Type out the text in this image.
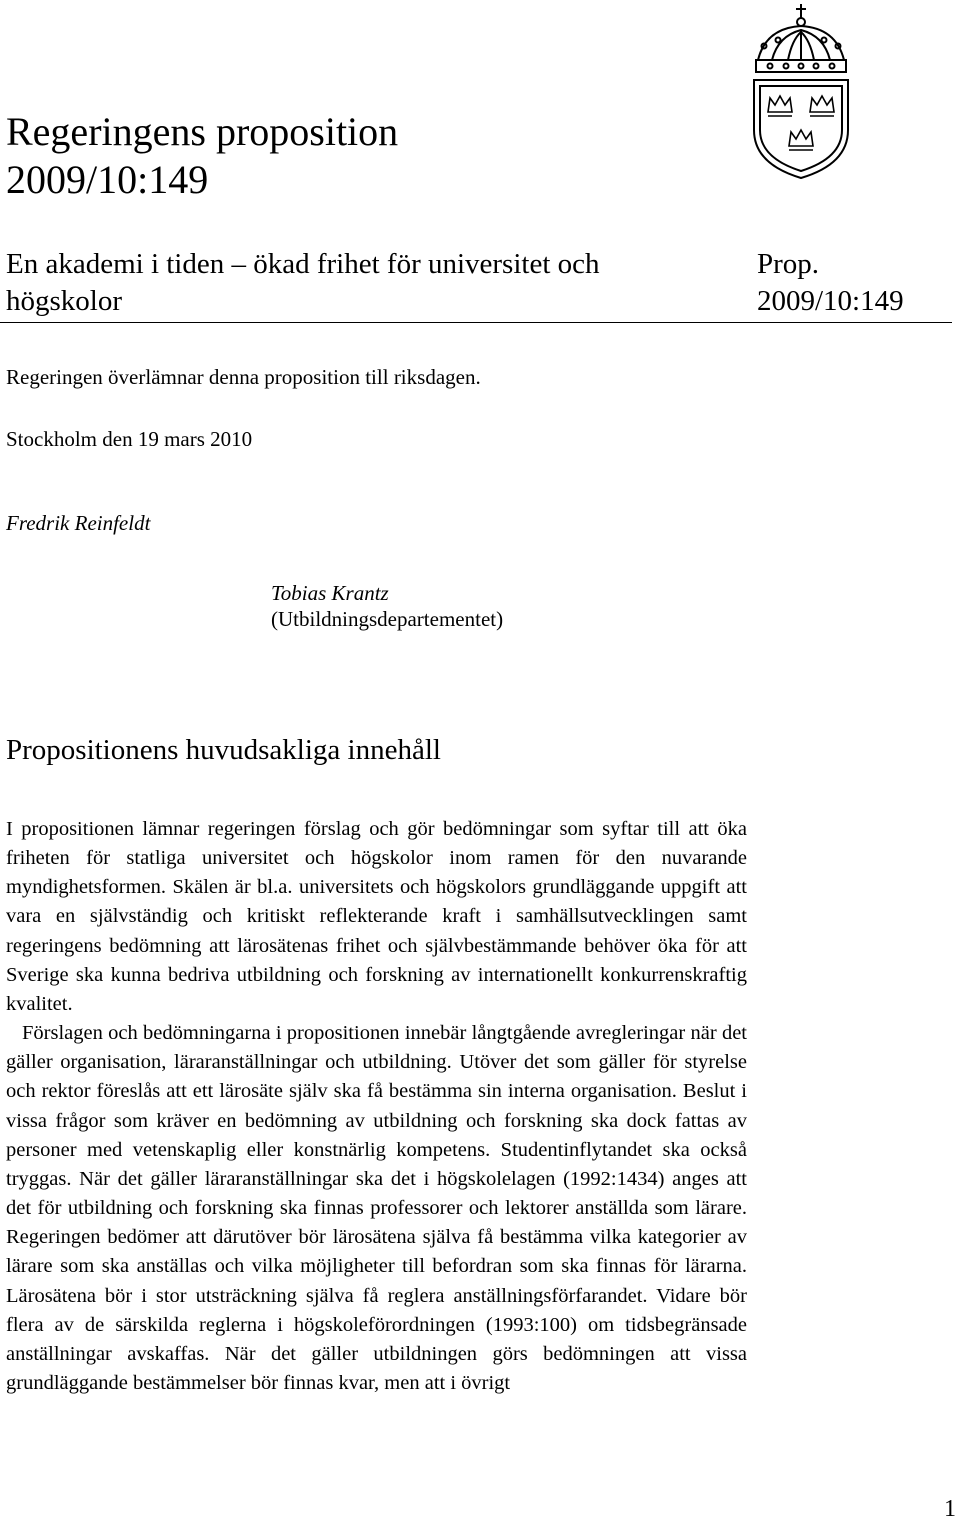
Regeringens proposition
2009/10:149
En akademi i tiden – ökad frihet för universitet och
högskolor
Prop.
2009/10:149
Regeringen överlämnar denna proposition till riksdagen.
Stockholm den 19 mars 2010
Fredrik Reinfeldt
Tobias Krantz
(Utbildningsdepartementet)
Propositionens huvudsakliga innehåll

I propositionen lämnar regeringen förslag och gör bedömningar som syftar till att öka friheten för statliga universitet och högskolor inom ramen för den nuvarande myndighetsformen. Skälen är bl.a. universitets och högskolors grundläggande uppgift att vara en självständig och kritiskt reflekterande kraft i samhällsutvecklingen samt regeringens bedömning att lärosätenas frihet och självbestämmande behöver öka för att Sverige ska kunna bedriva utbildning och forskning av internationellt konkurrenskraftig kvalitet.

Förslagen och bedömningarna i propositionen innebär långtgående avregleringar när det gäller organisation, läraranställningar och utbildning. Utöver det som gäller för styrelse och rektor föreslås att ett lärosäte själv ska få bestämma sin interna organisation. Beslut i vissa frågor som kräver en bedömning av utbildning och forskning ska dock fattas av personer med vetenskaplig eller konstnärlig kompetens. Studentinflytandet ska också tryggas. När det gäller läraranställningar ska det i högskolelagen (1992:1434) anges att det för utbildning och forskning ska finnas professorer och lektorer anställda som lärare. Regeringen bedömer att därutöver bör lärosätena själva få bestämma vilka kategorier av lärare som ska anställas och vilka möjligheter till befordran som ska finnas för lärarna. Lärosätena bör i stor utsträckning själva få reglera anställningsförfarandet. Vidare bör flera av de särskilda reglerna i högskoleförordningen (1993:100) om tidsbegränsade anställningar avskaffas. När det gäller utbildningen görs bedömningen att vissa grundläggande bestämmelser bör finnas kvar, men att i övrigt

1
